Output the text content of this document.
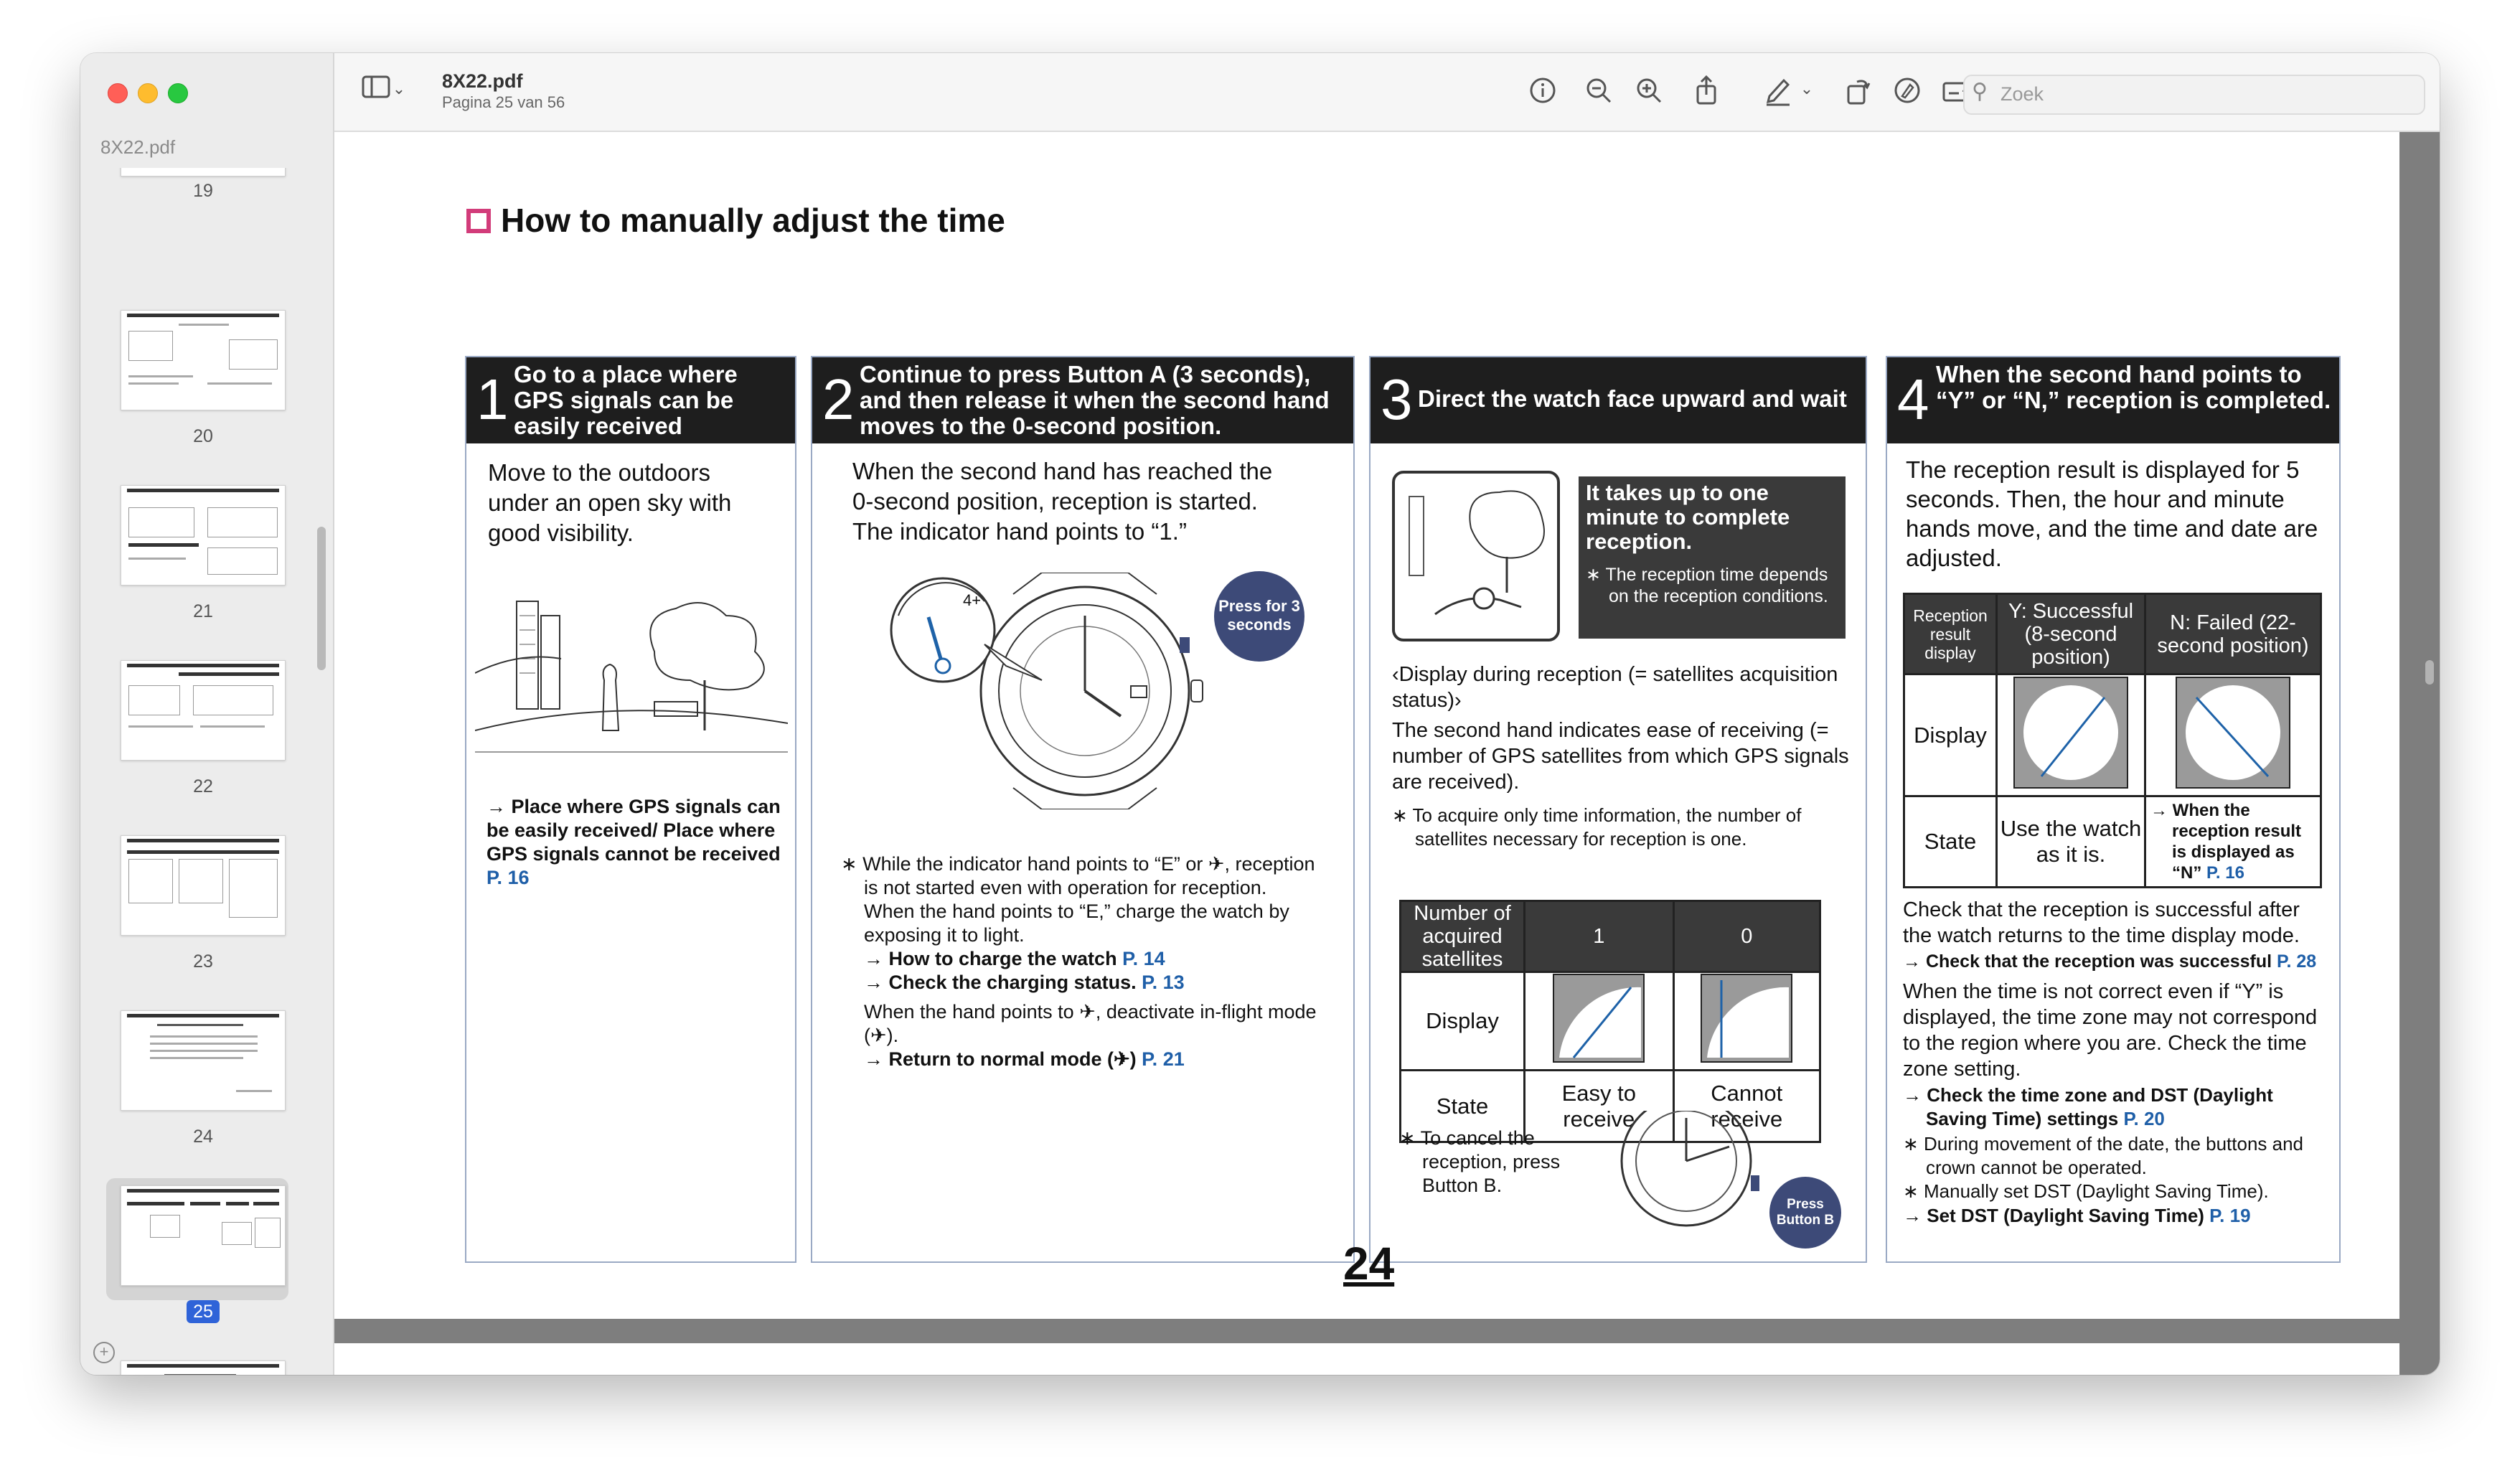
8X22.pdf
19
20
21
22
23
24
25
+
⌄ 8X22.pdf
Pagina 25 van 56
⌄	⚲
Zoek
How to manually adjust the time
1 Go to a place where GPS signals can be easily received
Move to the outdoors under an open sky with good visibility.
→ Place where GPS signals can be easily received/ Place where GPS signals cannot be received P. 16
2 Continue to press Button A (3 seconds), and then release it when the second hand moves to the 0-second position.
When the second hand has reached the 0-second position, reception is started. The indicator hand points to “1.”
4+	Press for 3 seconds
∗ While the indicator hand points to “E” or ✈, reception is not started even with operation for reception.
When the hand points to “E,” charge the watch by exposing it to light.
→ How to charge the watch P. 14
→ Check the charging status. P. 13
When the hand points to ✈, deactivate in-flight mode (✈).
→ Return to normal mode (✈) P. 21
3 Direct the watch face upward and wait
It takes up to one minute to complete reception.
∗ The reception time depends on the reception conditions.
‹Display during reception (= satellites acquisition status)›
The second hand indicates ease of receiving (= number of GPS satellites from which GPS signals are received).
∗ To acquire only time information, the number of satellites necessary for reception is one.
Number of acquired satellites	1	0
Display		
State	Easy to receive	Cannot receive
∗ To cancel the reception, press Button B.
Press Button B
4 When the second hand points to “Y” or “N,” reception is completed.
The reception result is displayed for 5 seconds. Then, the hour and minute hands move, and the time and date are adjusted.
Reception result display	Y: Successful (8-second position)	N: Failed (22-second position)
Display		
State	Use the watch as it is.	→ When the reception result is displayed as “N” P. 16
Check that the reception is successful after the watch returns to the time display mode.
→ Check that the reception was successful P. 28
When the time is not correct even if “Y” is displayed, the time zone may not correspond to the region where you are. Check the time zone setting.
→ Check the time zone and DST (Daylight Saving Time) settings P. 20
∗ During movement of the date, the buttons and crown cannot be operated.
∗ Manually set DST (Daylight Saving Time).
→ Set DST (Daylight Saving Time) P. 19
24
